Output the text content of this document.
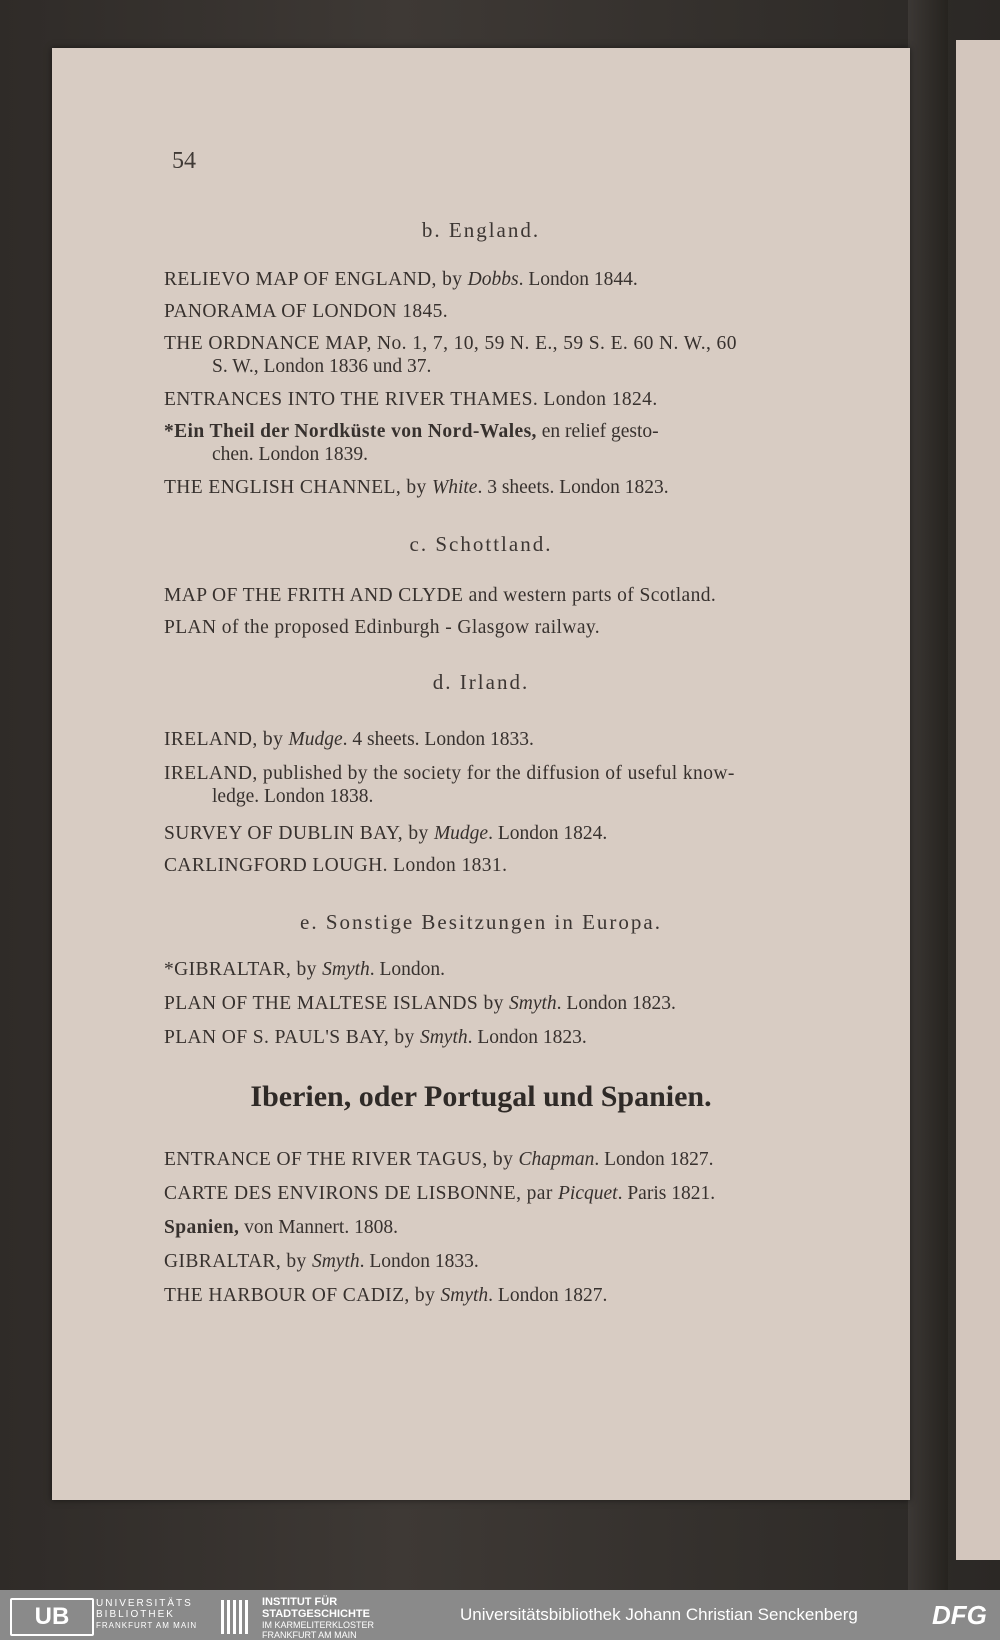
54
b. England.
RELIEVO MAP OF ENGLAND, by Dobbs. London 1844.
PANORAMA OF LONDON 1845.
THE ORDNANCE MAP, No. 1, 7, 10, 59 N. E., 59 S. E. 60 N. W., 60
S. W., London 1836 und 37.
ENTRANCES INTO THE RIVER THAMES. London 1824.
*Ein Theil der Nordküste von Nord-Wales, en relief gesto-
chen. London 1839.
THE ENGLISH CHANNEL, by White. 3 sheets. London 1823.
c. Schottland.
MAP OF THE FRITH AND CLYDE and western parts of Scotland.
PLAN of the proposed Edinburgh - Glasgow railway.
d. Irland.
IRELAND, by Mudge. 4 sheets. London 1833.
IRELAND, published by the society for the diffusion of useful know-
ledge. London 1838.
SURVEY OF DUBLIN BAY, by Mudge. London 1824.
CARLINGFORD LOUGH. London 1831.
e. Sonstige Besitzungen in Europa.
*GIBRALTAR, by Smyth. London.
PLAN OF THE MALTESE ISLANDS by Smyth. London 1823.
PLAN OF S. PAUL'S BAY, by Smyth. London 1823.
Iberien, oder Portugal und Spanien.
ENTRANCE OF THE RIVER TAGUS, by Chapman. London 1827.
CARTE DES ENVIRONS DE LISBONNE, par Picquet. Paris 1821.
Spanien, von Mannert. 1808.
GIBRALTAR, by Smyth. London 1833.
THE HARBOUR OF CADIZ, by Smyth. London 1827.
UB	UNIVERSITÄTS
BIBLIOTHEK
FRANKFURT AM MAIN
INSTITUT FÜR
STADTGESCHICHTE
IM KARMELITERKLOSTER
FRANKFURT AM MAIN
Universitätsbibliothek Johann Christian Senckenberg	DFG
